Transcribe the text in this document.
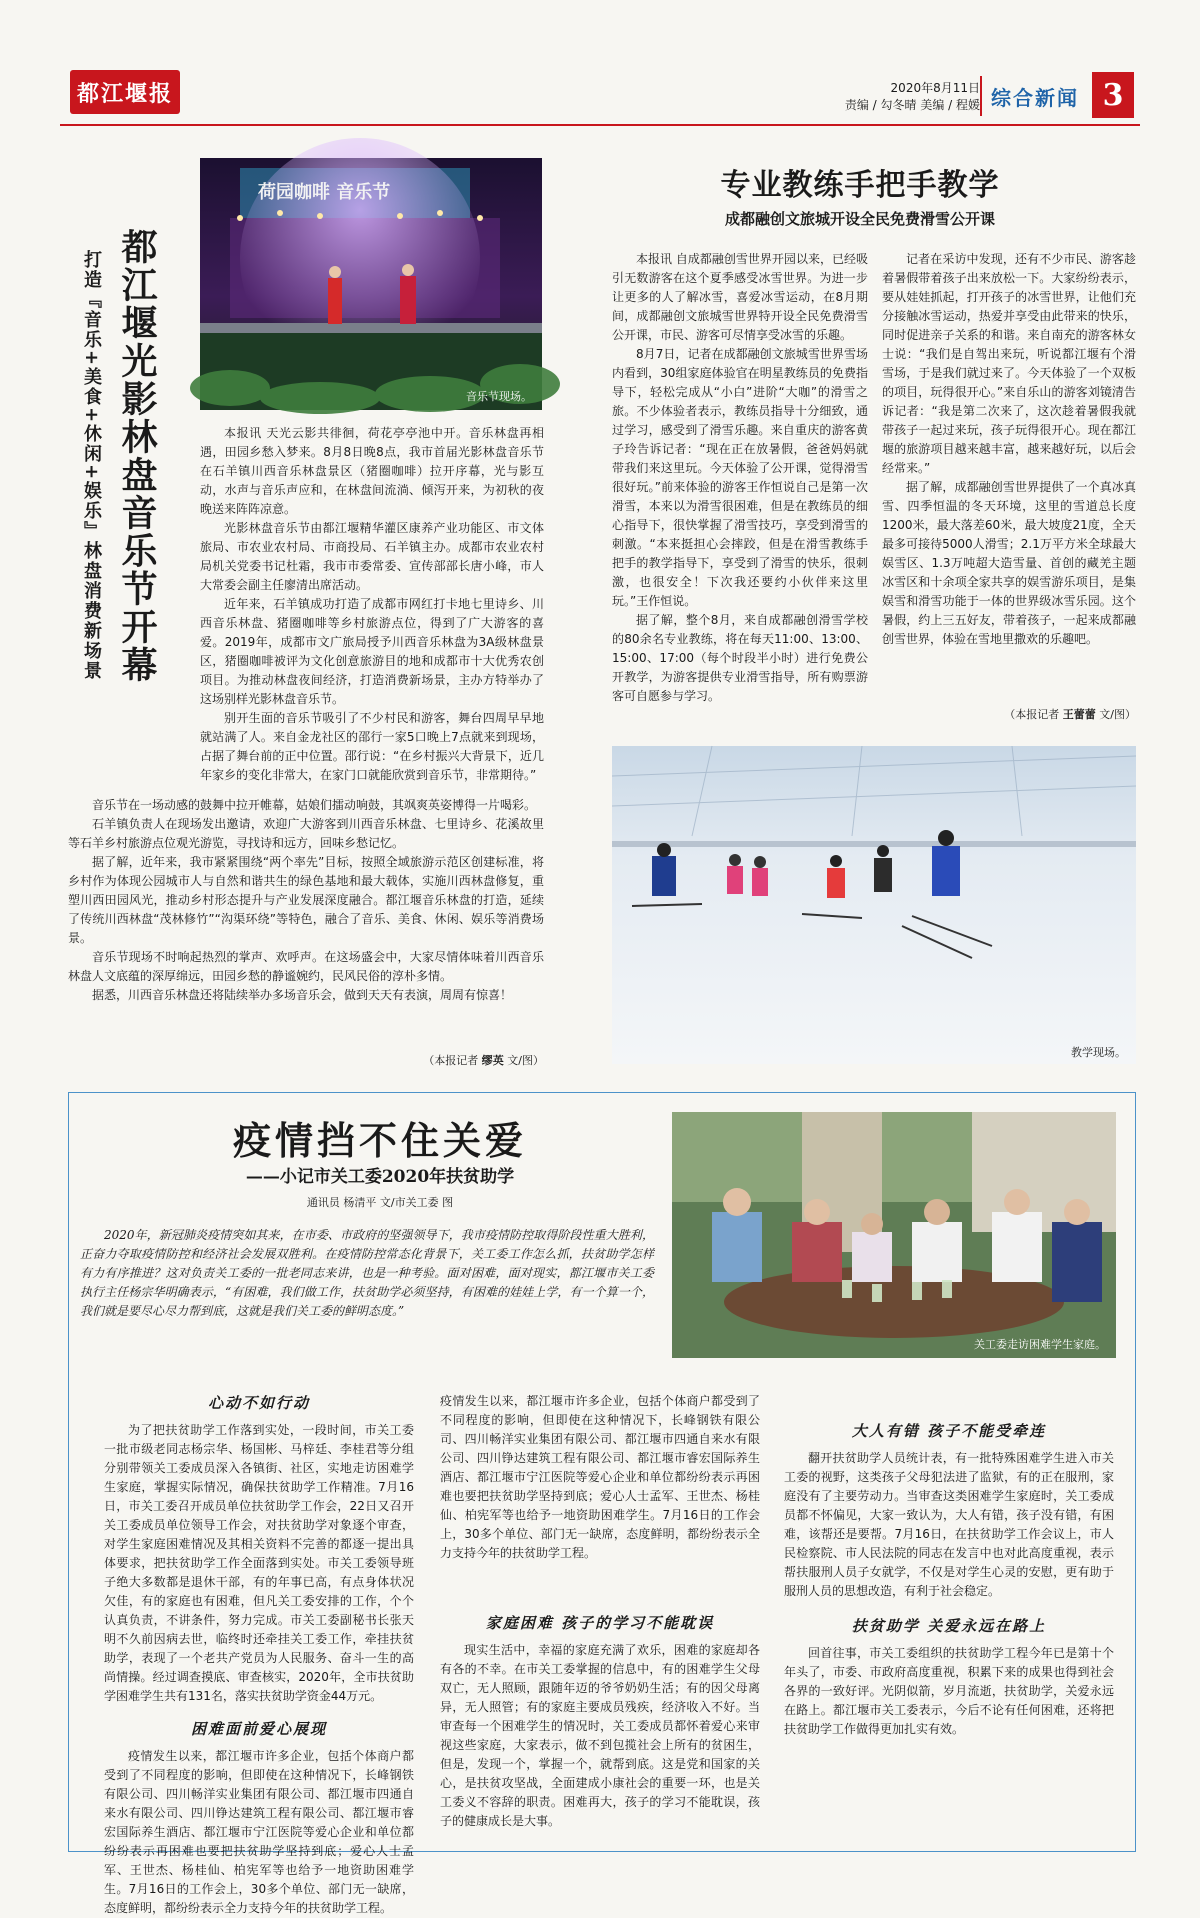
都江堰报	2020年8月11日
责编 / 勾冬晴 美编 / 程媛 综合新闻 3
荷园咖啡 音乐节
音乐节现场。
都江堰光影林盘音乐节开幕
打造『音乐+美食+休闲+娱乐』林盘消费新场景	本报讯 天光云影共徘徊，荷花亭亭池中开。音乐林盘再相遇，田园乡愁入梦来。8月8日晚8点，我市首届光影林盘音乐节在石羊镇川西音乐林盘景区（猪圈咖啡）拉开序幕，光与影互动，水声与音乐声应和，在林盘间流淌、倾泻开来，为初秋的夜晚送来阵阵凉意。

光影林盘音乐节由都江堰精华灌区康养产业功能区、市文体旅局、市农业农村局、市商投局、石羊镇主办。成都市农业农村局机关党委书记杜霜，我市市委常委、宣传部部长唐小峰，市人大常委会副主任廖清出席活动。

近年来，石羊镇成功打造了成都市网红打卡地七里诗乡、川西音乐林盘、猪圈咖啡等乡村旅游点位，得到了广大游客的喜爱。2019年，成都市文广旅局授予川西音乐林盘为3A级林盘景区，猪圈咖啡被评为文化创意旅游目的地和成都市十大优秀农创项目。为推动林盘夜间经济，打造消费新场景，主办方特举办了这场别样光影林盘音乐节。

别开生面的音乐节吸引了不少村民和游客，舞台四周早早地就站满了人。来自金龙社区的邵行一家5口晚上7点就来到现场，占据了舞台前的正中位置。邵行说：“在乡村振兴大背景下，近几年家乡的变化非常大，在家门口就能欣赏到音乐节，非常期待。”

音乐节在一场动感的鼓舞中拉开帷幕，姑娘们擂动响鼓，其飒爽英姿博得一片喝彩。

石羊镇负责人在现场发出邀请，欢迎广大游客到川西音乐林盘、七里诗乡、花溪故里等石羊乡村旅游点位观光游览，寻找诗和远方，回味乡愁记忆。

据了解，近年来，我市紧紧围绕“两个率先”目标，按照全域旅游示范区创建标准，将乡村作为体现公园城市人与自然和谐共生的绿色基地和最大载体，实施川西林盘修复，重塑川西田园风光，推动乡村形态提升与产业发展深度融合。都江堰音乐林盘的打造，延续了传统川西林盘“茂林修竹”“沟渠环绕”等特色，融合了音乐、美食、休闲、娱乐等消费场景。

音乐节现场不时响起热烈的掌声、欢呼声。在这场盛会中，大家尽情体味着川西音乐林盘人文底蕴的深厚绵远，田园乡愁的静谧婉约，民风民俗的淳朴多情。

据悉，川西音乐林盘还将陆续举办多场音乐会，做到天天有表演，周周有惊喜！

（本报记者 缪英 文/图）
专业教练手把手教学
成都融创文旅城开设全民免费滑雪公开课

本报讯 自成都融创雪世界开园以来，已经吸引无数游客在这个夏季感受冰雪世界。为进一步让更多的人了解冰雪，喜爱冰雪运动，在8月期间，成都融创文旅城雪世界特开设全民免费滑雪公开课，市民、游客可尽情享受冰雪的乐趣。

8月7日，记者在成都融创文旅城雪世界雪场内看到，30组家庭体验官在明星教练员的免费指导下，轻松完成从“小白”进阶“大咖”的滑雪之旅。不少体验者表示，教练员指导十分细致，通过学习，感受到了滑雪乐趣。来自重庆的游客黄子玲告诉记者：“现在正在放暑假，爸爸妈妈就带我们来这里玩。今天体验了公开课，觉得滑雪很好玩。”前来体验的游客王作恒说自己是第一次滑雪，本来以为滑雪很困难，但是在教练员的细心指导下，很快掌握了滑雪技巧，享受到滑雪的刺激。“本来挺担心会摔跤，但是在滑雪教练手把手的教学指导下，享受到了滑雪的快乐，很刺激，也很安全！下次我还要约小伙伴来这里玩。”王作恒说。

据了解，整个8月，来自成都融创滑雪学校的80余名专业教练，将在每天11:00、13:00、15:00、17:00（每个时段半小时）进行免费公开教学，为游客提供专业滑雪指导，所有购票游客可自愿参与学习。

记者在采访中发现，还有不少市民、游客趁着暑假带着孩子出来放松一下。大家纷纷表示，要从娃娃抓起，打开孩子的冰雪世界，让他们充分接触冰雪运动，热爱并享受由此带来的快乐，同时促进亲子关系的和谐。来自南充的游客林女士说：“我们是自驾出来玩，听说都江堰有个滑雪场，于是我们就过来了。今天体验了一个双板的项目，玩得很开心。”来自乐山的游客刘镜清告诉记者：“我是第二次来了，这次趁着暑假我就带孩子一起过来玩，孩子玩得很开心。现在都江堰的旅游项目越来越丰富，越来越好玩，以后会经常来。”

据了解，成都融创雪世界提供了一个真冰真雪、四季恒温的冬天环境，这里的雪道总长度1200米，最大落差60米，最大坡度21度，全天最多可接待5000人滑雪；2.1万平方米全球最大娱雪区、1.3万吨超大造雪量、首创的藏羌主题冰雪区和十余项全家共享的娱雪游乐项目，是集娱雪和滑雪功能于一体的世界级冰雪乐园。这个暑假，约上三五好友，带着孩子，一起来成都融创雪世界，体验在雪地里撒欢的乐趣吧。

（本报记者 王蕾蕾 文/图）
教学现场。
疫情挡不住关爱
——小记市关工委2020年扶贫助学
通讯员 杨清平 文/市关工委 图
2020年，新冠肺炎疫情突如其来，在市委、市政府的坚强领导下，我市疫情防控取得阶段性重大胜利，正奋力夺取疫情防控和经济社会发展双胜利。在疫情防控常态化背景下，关工委工作怎么抓，扶贫助学怎样有力有序推进？这对负责关工委的一批老同志来讲，也是一种考验。面对困难，面对现实，都江堰市关工委执行主任杨宗华明确表示，“有困难，我们做工作，扶贫助学必须坚持，有困难的娃娃上学，有一个算一个，我们就是要尽心尽力帮到底，这就是我们关工委的鲜明态度。”
关工委走访困难学生家庭。
心动不如行动

为了把扶贫助学工作落到实处，一段时间，市关工委一批市级老同志杨宗华、杨国彬、马梓廷、李桂君等分组分别带领关工委成员深入各镇街、社区，实地走访困难学生家庭，掌握实际情况，确保扶贫助学工作精准。7月16日，市关工委召开成员单位扶贫助学工作会，22日又召开关工委成员单位领导工作会，对扶贫助学对象逐个审查，对学生家庭困难情况及其相关资料不完善的都逐一提出具体要求，把扶贫助学工作全面落到实处。市关工委领导班子绝大多数都是退休干部，有的年事已高，有点身体状况欠佳，有的家庭也有困难，但凡关工委安排的工作，个个认真负责，不讲条件，努力完成。市关工委副秘书长张天明不久前因病去世，临终时还牵挂关工委工作，牵挂扶贫助学，表现了一个老共产党员为人民服务、奋斗一生的高尚情操。经过调查摸底、审查核实，2020年，全市扶贫助学困难学生共有131名，落实扶贫助学资金44万元。

困难面前爱心展现

疫情发生以来，都江堰市许多企业，包括个体商户都受到了不同程度的影响，但即使在这种情况下，长峰钢铁有限公司、四川畅洋实业集团有限公司、都江堰市四通自来水有限公司、四川铮达建筑工程有限公司、都江堰市睿宏国际养生酒店、都江堰市宁江医院等爱心企业和单位都纷纷表示再困难也要把扶贫助学坚持到底；爱心人士孟军、王世杰、杨桂仙、柏宪军等也给予一地资助困难学生。7月16日的工作会上，30多个单位、部门无一缺席，态度鲜明，都纷纷表示全力支持今年的扶贫助学工程。

疫情发生以来，都江堰市许多企业，包括个体商户都受到了不同程度的影响，但即使在这种情况下，长峰钢铁有限公司、四川畅洋实业集团有限公司、都江堰市四通自来水有限公司、四川铮达建筑工程有限公司、都江堰市睿宏国际养生酒店、都江堰市宁江医院等爱心企业和单位都纷纷表示再困难也要把扶贫助学坚持到底；爱心人士孟军、王世杰、杨桂仙、柏宪军等也给予一地资助困难学生。7月16日的工作会上，30多个单位、部门无一缺席，态度鲜明，都纷纷表示全力支持今年的扶贫助学工程。

家庭困难 孩子的学习不能耽误

现实生活中，幸福的家庭充满了欢乐，困难的家庭却各有各的不幸。在市关工委掌握的信息中，有的困难学生父母双亡，无人照顾，跟随年迈的爷爷奶奶生活；有的因父母离异，无人照管；有的家庭主要成员残疾，经济收入不好。当审查每一个困难学生的情况时，关工委成员都怀着爱心来审视这些家庭，大家表示，做不到包揽社会上所有的贫困生，但是，发现一个，掌握一个，就帮到底。这是党和国家的关心，是扶贫攻坚战，全面建成小康社会的重要一环，也是关工委义不容辞的职责。困难再大，孩子的学习不能耽误，孩子的健康成长是大事。

大人有错 孩子不能受牵连

翻开扶贫助学人员统计表，有一批特殊困难学生进入市关工委的视野，这类孩子父母犯法进了监狱，有的正在服刑，家庭没有了主要劳动力。当审查这类困难学生家庭时，关工委成员都不怀偏见，大家一致认为，大人有错，孩子没有错，有困难，该帮还是要帮。7月16日，在扶贫助学工作会议上，市人民检察院、市人民法院的同志在发言中也对此高度重视，表示帮扶服刑人员子女就学，不仅是对学生心灵的安慰，更有助于服刑人员的思想改造，有利于社会稳定。

扶贫助学 关爱永远在路上

回首往事，市关工委组织的扶贫助学工程今年已是第十个年头了，市委、市政府高度重视，积累下来的成果也得到社会各界的一致好评。光阴似箭，岁月流逝，扶贫助学，关爱永远在路上。都江堰市关工委表示，今后不论有任何困难，还将把扶贫助学工作做得更加扎实有效。
